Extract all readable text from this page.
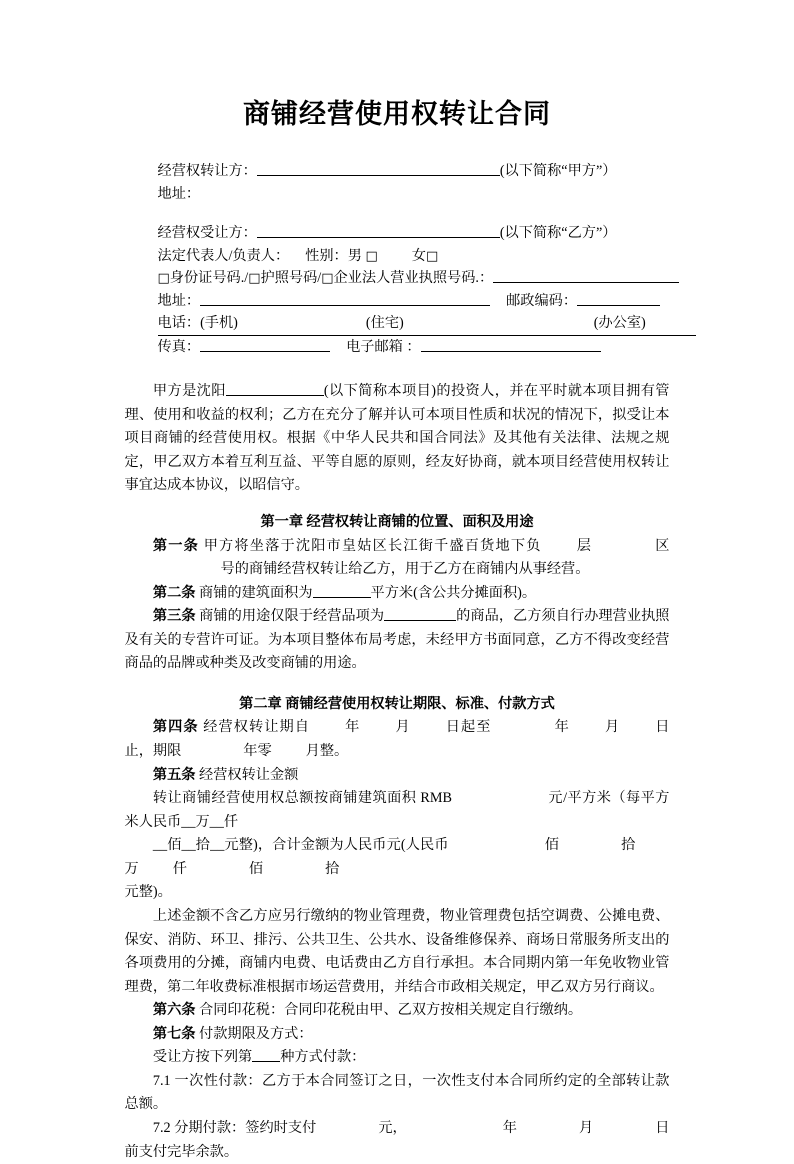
商铺经营使用权转让合同
经营权转让方：	(以下简称“甲方”）
地址：
经营权受让方：	(以下简称“乙方”）
法定代表人/负责人： 性别：男 □ 女□
□身份证号码./□护照号码/□企业法人营业执照号码.：
地址：	邮政编码：
电话：(手机)	(住宅)	(办公室)
传真：	电子邮箱 ：

甲方是沈阳	(以下简称本项目)的投资人，并在平时就本项目拥有管理、使用和收益的权利；乙方在充分了解并认可本项目性质和状况的情况下，拟受让本项目商铺的经营使用权。根据《中华人民共和国合同法》及其他有关法律、法规之规定，甲乙双方本着互利互益、平等自愿的原则，经友好协商，就本项目经营使用权转让事宜达成本协议，以昭信守。

第一章 经营权转让商铺的位置、面积及用途

第一条 甲方将坐落于沈阳市皇姑区长江街千盛百货地下负 层	区号的商铺经营权转让给乙方，用于乙方在商铺内从事经营。

第二条 商铺的建筑面积为	平方米(含公共分摊面积)。

第三条 商铺的用途仅限于经营品项为	的商品，乙方须自行办理营业执照及有关的专营许可证。为本项目整体布局考虑，未经甲方书面同意，乙方不得改变经营商品的品牌或种类及改变商铺的用途。

第二章 商铺经营使用权转让期限、标准、付款方式

第四条 经营权转让期自 年 月 日起至	年 月 日止，期限	年零 月整。

第五条 经营权转让金额

转让商铺经营使用权总额按商铺建筑面积 RMB	元/平方米（每平方米人民币__万__仟

__佰__拾__元整)，合计金额为人民币元(人民币	佰	拾万 仟	佰	拾

元整)。

上述金额不含乙方应另行缴纳的物业管理费，物业管理费包括空调费、公摊电费、保安、消防、环卫、排污、公共卫生、公共水、设备维修保养、商场日常服务所支出的各项费用的分摊，商铺内电费、电话费由乙方自行承担。本合同期内第一年免收物业管理费，第二年收费标准根据市场运营费用，并结合市政相关规定，甲乙双方另行商议。

第六条 合同印花税：合同印花税由甲、乙双方按相关规定自行缴纳。

第七条 付款期限及方式：

受让方按下列第 种方式付款：

7.1 一次性付款：乙方于本合同签订之日，一次性支付本合同所约定的全部转让款总额。

7.2 分期付款：签约时支付	元，	年	月	日前支付完毕余款。
